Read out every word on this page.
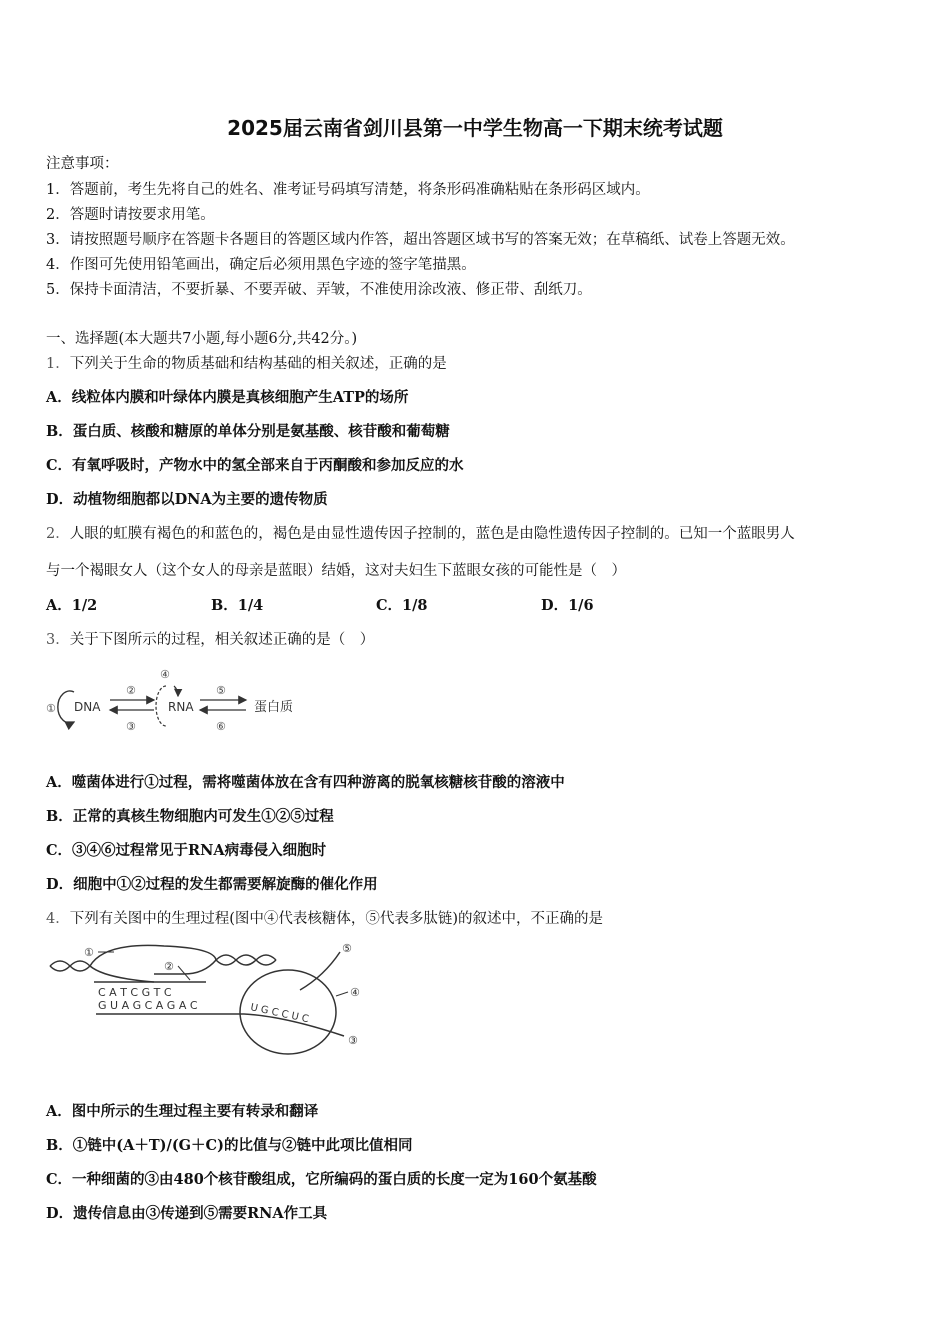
2025届云南省剑川县第一中学生物高一下期末统考试题
注意事项：
1．答题前，考生先将自己的姓名、准考证号码填写清楚，将条形码准确粘贴在条形码区域内。
2．答题时请按要求用笔。
3．请按照题号顺序在答题卡各题目的答题区域内作答，超出答题区域书写的答案无效；在草稿纸、试卷上答题无效。
4．作图可先使用铅笔画出，确定后必须用黑色字迹的签字笔描黑。
5．保持卡面清洁，不要折暴、不要弄破、弄皱，不准使用涂改液、修正带、刮纸刀。
一、选择题(本大题共7小题,每小题6分,共42分。)
1．下列关于生命的物质基础和结构基础的相关叙述，正确的是
A．线粒体内膜和叶绿体内膜是真核细胞产生ATP的场所
B．蛋白质、核酸和糖原的单体分别是氨基酸、核苷酸和葡萄糖
C．有氧呼吸时，产物水中的氢全部来自于丙酮酸和参加反应的水
D．动植物细胞都以DNA为主要的遗传物质
2．人眼的虹膜有褐色的和蓝色的，褐色是由显性遗传因子控制的，蓝色是由隐性遗传因子控制的。已知一个蓝眼男人
与一个褐眼女人（这个女人的母亲是蓝眼）结婚，这对夫妇生下蓝眼女孩的可能性是（　）
A．1/2	B．1/4	C．1/8	D．1/6
3．关于下图所示的过程，相关叙述正确的是（　）
① DNA
②
③
④
RNA
⑤
⑥
蛋白质
A．噬菌体进行①过程，需将噬菌体放在含有四种游离的脱氧核糖核苷酸的溶液中
B．正常的真核生物细胞内可发生①②⑤过程
C．③④⑥过程常见于RNA病毒侵入细胞时
D．细胞中①②过程的发生都需要解旋酶的催化作用
4．下列有关图中的生理过程(图中④代表核糖体，⑤代表多肽链)的叙述中，不正确的是
①
②
C A T C G T C
G U A G C A G A C	U G C C U C
⑤
④
③
A．图中所示的生理过程主要有转录和翻译
B．①链中(A＋T)/(G＋C)的比值与②链中此项比值相同
C．一种细菌的③由480个核苷酸组成，它所编码的蛋白质的长度一定为160个氨基酸
D．遗传信息由③传递到⑤需要RNA作工具
